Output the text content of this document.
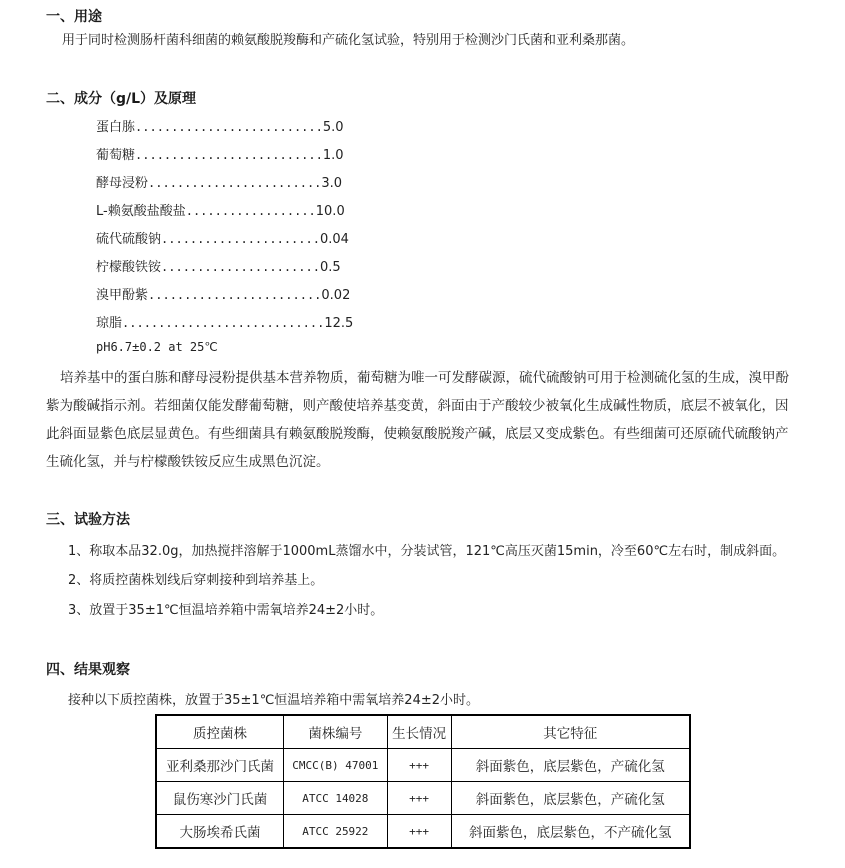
一、用途
用于同时检测肠杆菌科细菌的赖氨酸脱羧酶和产硫化氢试验，特别用于检测沙门氏菌和亚利桑那菌。
二、成分（g/L）及原理
蛋白胨..........................5.0
葡萄糖..........................1.0
酵母浸粉........................3.0
L-赖氨酸盐酸盐..................10.0
硫代硫酸钠......................0.04
柠檬酸铁铵......................0.5
溴甲酚紫........................0.02
琼脂............................12.5
pH6.7±0.2 at 25℃
培养基中的蛋白胨和酵母浸粉提供基本营养物质，葡萄糖为唯一可发酵碳源，硫代硫酸钠可用于检测硫化氢的生成，溴甲酚紫为酸碱指示剂。若细菌仅能发酵葡萄糖，则产酸使培养基变黄，斜面由于产酸较少被氧化生成碱性物质，底层不被氧化，因此斜面显紫色底层显黄色。有些细菌具有赖氨酸脱羧酶，使赖氨酸脱羧产碱，底层又变成紫色。有些细菌可还原硫代硫酸钠产生硫化氢，并与柠檬酸铁铵反应生成黑色沉淀。
三、试验方法
1、称取本品32.0g，加热搅拌溶解于1000mL蒸馏水中，分装试管，121℃高压灭菌15min，冷至60℃左右时，制成斜面。
2、将质控菌株划线后穿刺接种到培养基上。
3、放置于35±1℃恒温培养箱中需氧培养24±2小时。
四、结果观察
接种以下质控菌株，放置于35±1℃恒温培养箱中需氧培养24±2小时。
质控菌株	菌株编号	生长情况	其它特征
亚利桑那沙门氏菌	CMCC(B) 47001	+++	斜面紫色，底层紫色，产硫化氢
鼠伤寒沙门氏菌	ATCC 14028	+++	斜面紫色，底层紫色，产硫化氢
大肠埃希氏菌	ATCC 25922	+++	斜面紫色，底层紫色，不产硫化氢
